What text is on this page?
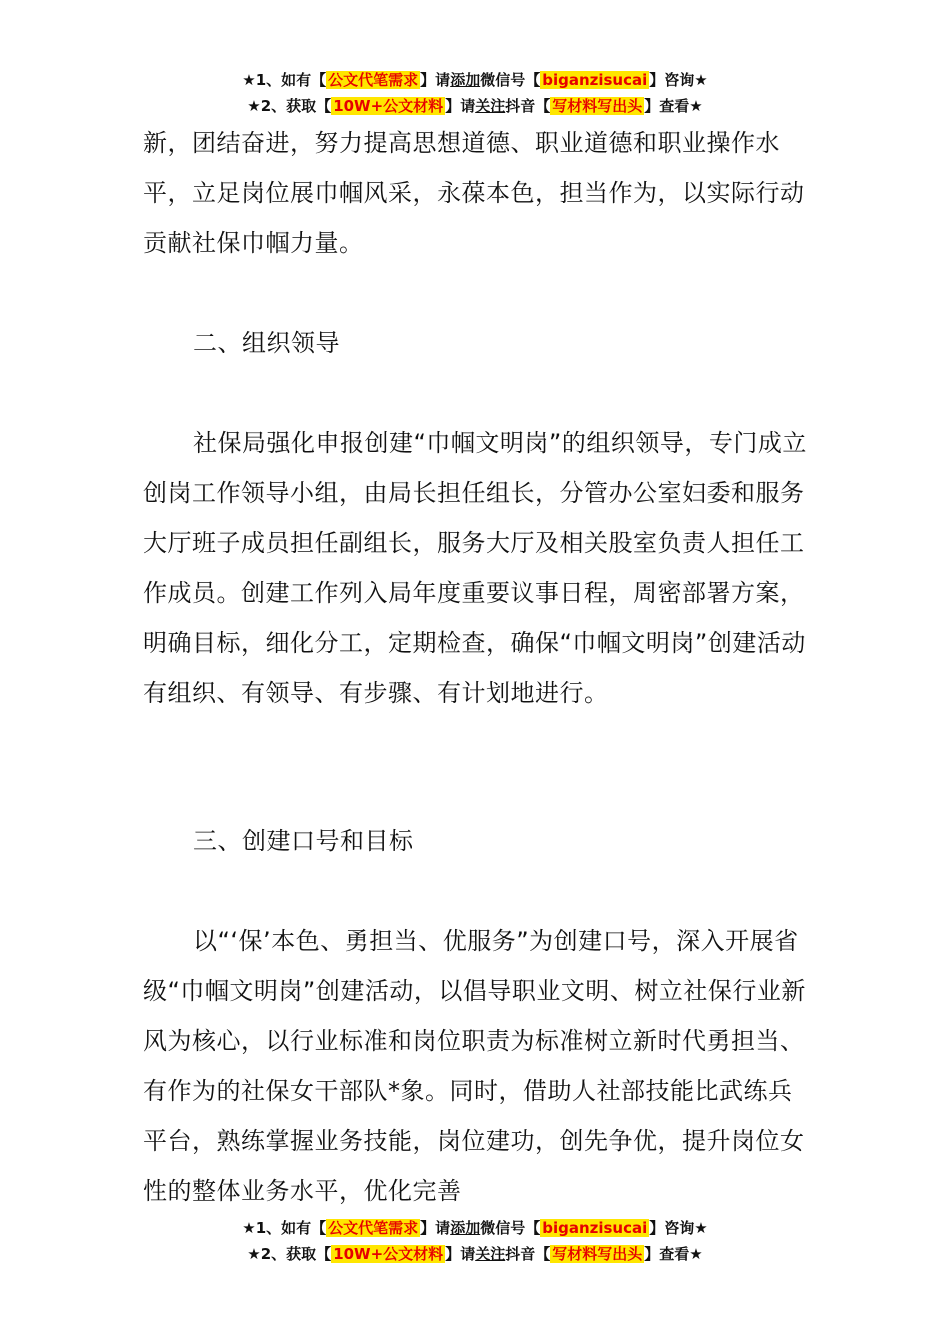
★1、如有【 公文代笔需求 】请添加微信号【 biganzisucai 】咨询★
★2、获取【 10W+公文材料 】请关注抖音【 写材料写出头 】查看★

新，团结奋进，努力提高思想道德、职业道德和职业操作水平，立足岗位展巾帼风采，永葆本色，担当作为，以实际行动贡献社保巾帼力量。

二、组织领导

社保局强化申报创建“巾帼文明岗”的组织领导，专门成立创岗工作领导小组，由局长担任组长，分管办公室妇委和服务大厅班子成员担任副组长，服务大厅及相关股室负责人担任工作成员。创建工作列入局年度重要议事日程，周密部署方案，明确目标，细化分工，定期检查，确保“巾帼文明岗”创建活动有组织、有领导、有步骤、有计划地进行。

三、创建口号和目标

以“‘保’本色、勇担当、优服务”为创建口号，深入开展省级“巾帼文明岗”创建活动，以倡导职业文明、树立社保行业新风为核心，以行业标准和岗位职责为标准树立新时代勇担当、有作为的社保女干部队*象。同时，借助人社部技能比武练兵平台，熟练掌握业务技能，岗位建功，创先争优，提升岗位女性的整体业务水平，优化完善

★1、如有【 公文代笔需求 】请添加微信号【 biganzisucai 】咨询★
★2、获取【 10W+公文材料 】请关注抖音【 写材料写出头 】查看★
